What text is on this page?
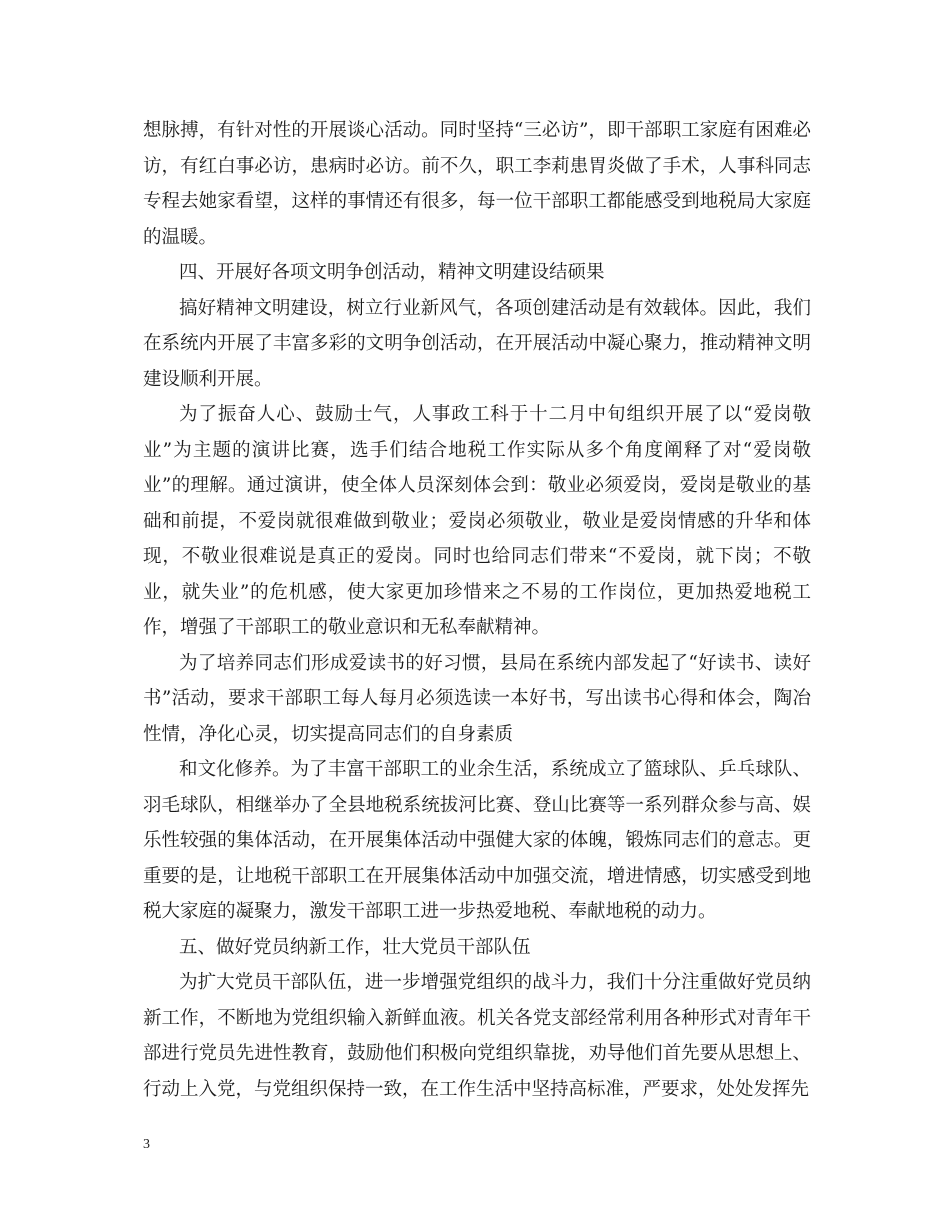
想脉搏，有针对性的开展谈心活动。同时坚持“三必访”，即干部职工家庭有困难必访，有红白事必访，患病时必访。前不久，职工李莉患胃炎做了手术，人事科同志专程去她家看望，这样的事情还有很多，每一位干部职工都能感受到地税局大家庭的温暖。

四、开展好各项文明争创活动，精神文明建设结硕果

搞好精神文明建设，树立行业新风气，各项创建活动是有效载体。因此，我们在系统内开展了丰富多彩的文明争创活动，在开展活动中凝心聚力，推动精神文明建设顺利开展。

为了振奋人心、鼓励士气，人事政工科于十二月中旬组织开展了以“爱岗敬业”为主题的演讲比赛，选手们结合地税工作实际从多个角度阐释了对“爱岗敬业”的理解。通过演讲，使全体人员深刻体会到：敬业必须爱岗，爱岗是敬业的基础和前提，不爱岗就很难做到敬业；爱岗必须敬业，敬业是爱岗情感的升华和体现，不敬业很难说是真正的爱岗。同时也给同志们带来“不爱岗，就下岗；不敬业，就失业”的危机感，使大家更加珍惜来之不易的工作岗位，更加热爱地税工作，增强了干部职工的敬业意识和无私奉献精神。

为了培养同志们形成爱读书的好习惯，县局在系统内部发起了“好读书、读好书”活动，要求干部职工每人每月必须选读一本好书，写出读书心得和体会，陶冶性情，净化心灵，切实提高同志们的自身素质

和文化修养。为了丰富干部职工的业余生活，系统成立了篮球队、乒乓球队、羽毛球队，相继举办了全县地税系统拔河比赛、登山比赛等一系列群众参与高、娱乐性较强的集体活动，在开展集体活动中强健大家的体魄，锻炼同志们的意志。更重要的是，让地税干部职工在开展集体活动中加强交流，增进情感，切实感受到地税大家庭的凝聚力，激发干部职工进一步热爱地税、奉献地税的动力。

五、做好党员纳新工作，壮大党员干部队伍

为扩大党员干部队伍，进一步增强党组织的战斗力，我们十分注重做好党员纳新工作，不断地为党组织输入新鲜血液。机关各党支部经常利用各种形式对青年干部进行党员先进性教育，鼓励他们积极向党组织靠拢，劝导他们首先要从思想上、行动上入党，与党组织保持一致，在工作生活中坚持高标准，严要求，处处发挥先

3
